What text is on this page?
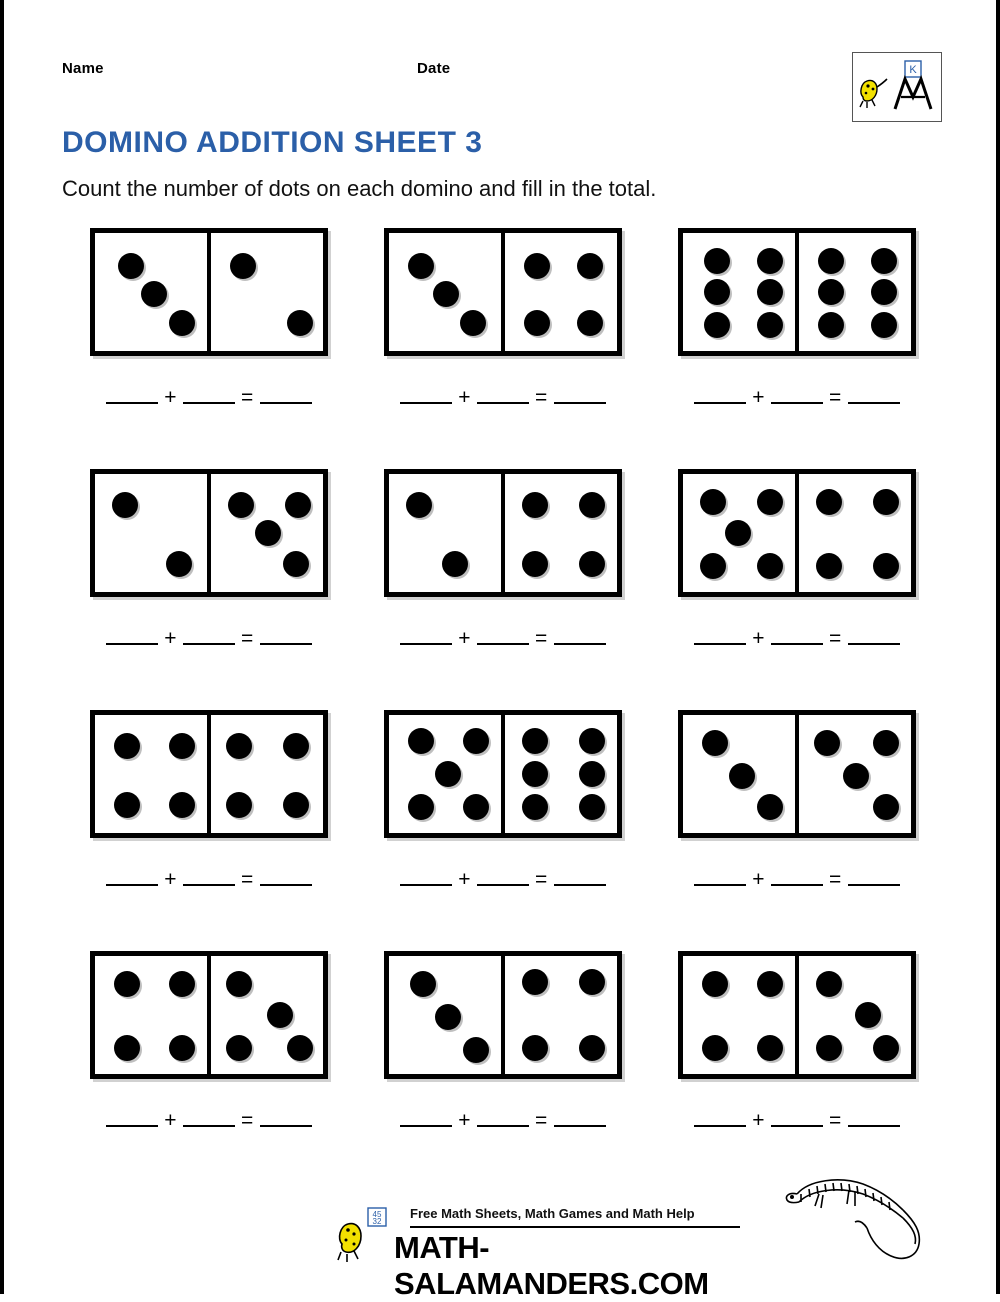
Name	Date	K
DOMINO ADDITION SHEET 3
Count the number of dots on each domino and fill in the total.
+	=	+	=	+	=
+	=	+	=	+	=
+	=	+	=	+	=
+	=	+	=	+	=
45
32
Free Math Sheets, Math Games and Math Help
MATH-SALAMANDERS.COM
